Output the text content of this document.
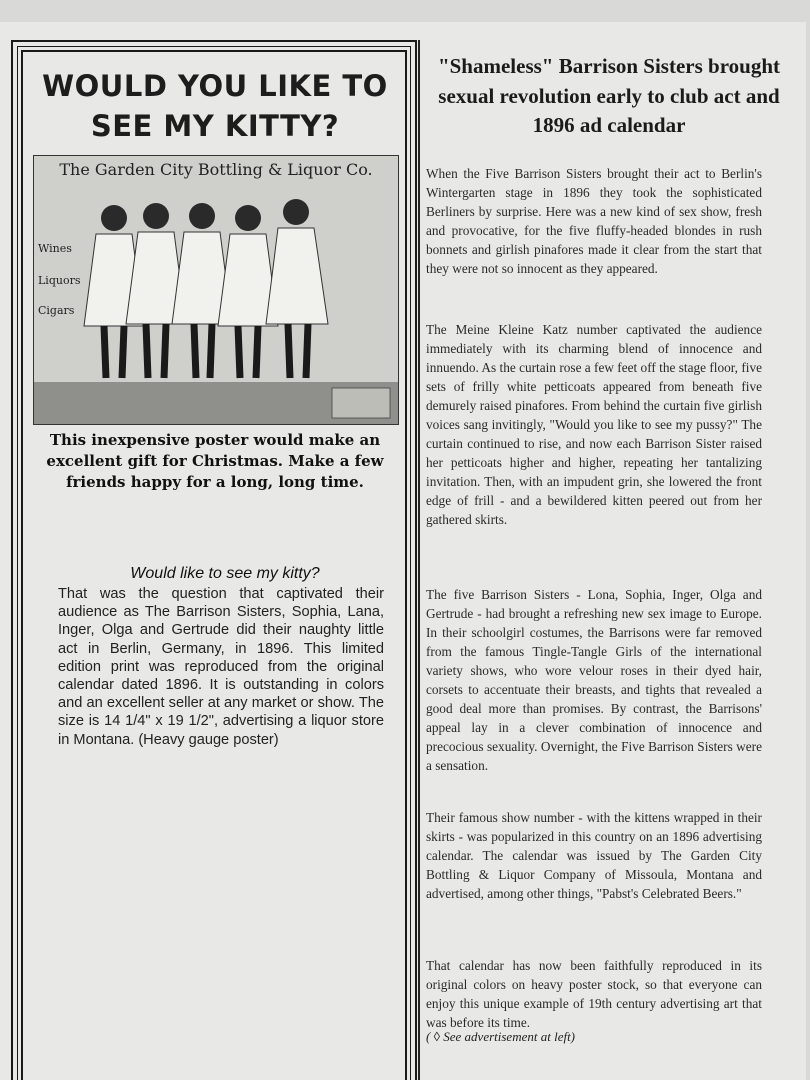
WOULD YOU LIKE TO
SEE MY KITTY?
The Garden City Bottling & Liquor Co.
Wines
Liquors
Cigars

This inexpensive poster would make an excellent gift for Christmas. Make a few friends happy for a long, long time.

Would like to see my kitty?

That was the question that captivated their audience as The Barrison Sisters, Sophia, Lana, Inger, Olga and Gertrude did their naughty little act in Berlin, Germany, in 1896. This limited edition print was reproduced from the original calendar dated 1896. It is outstanding in colors and an excellent seller at any market or show. The size is 14 1/4" x 19 1/2", advertising a liquor store in Montana. (Heavy gauge poster)

"Shameless" Barrison Sisters brought sexual revolution early to club act and 1896 ad calendar

When the Five Barrison Sisters brought their act to Berlin's Wintergarten stage in 1896 they took the sophisticated Berliners by surprise. Here was a new kind of sex show, fresh and provocative, for the five fluffy-headed blondes in rush bonnets and girlish pinafores made it clear from the start that they were not so innocent as they appeared.

The Meine Kleine Katz number captivated the audience immediately with its charming blend of innocence and innuendo. As the curtain rose a few feet off the stage floor, five sets of frilly white petticoats appeared from beneath five demurely raised pinafores. From behind the curtain five girlish voices sang invitingly, "Would you like to see my pussy?" The curtain continued to rise, and now each Barrison Sister raised her petticoats higher and higher, repeating her tantalizing invitation. Then, with an impudent grin, she lowered the front edge of frill - and a bewildered kitten peered out from her gathered skirts.

The five Barrison Sisters - Lona, Sophia, Inger, Olga and Gertrude - had brought a refreshing new sex image to Europe. In their schoolgirl costumes, the Barrisons were far removed from the famous Tingle-Tangle Girls of the international variety shows, who wore velour roses in their dyed hair, corsets to accentuate their breasts, and tights that revealed a good deal more than promises. By contrast, the Barrisons' appeal lay in a clever combination of innocence and precocious sexuality. Overnight, the Five Barrison Sisters were a sensation.

Their famous show number - with the kittens wrapped in their skirts - was popularized in this country on an 1896 advertising calendar. The calendar was issued by The Garden City Bottling & Liquor Company of Missoula, Montana and advertised, among other things, "Pabst's Celebrated Beers."

That calendar has now been faithfully reproduced in its original colors on heavy poster stock, so that everyone can enjoy this unique example of 19th century advertising art that was before its time.

( ◊ See advertisement at left)
